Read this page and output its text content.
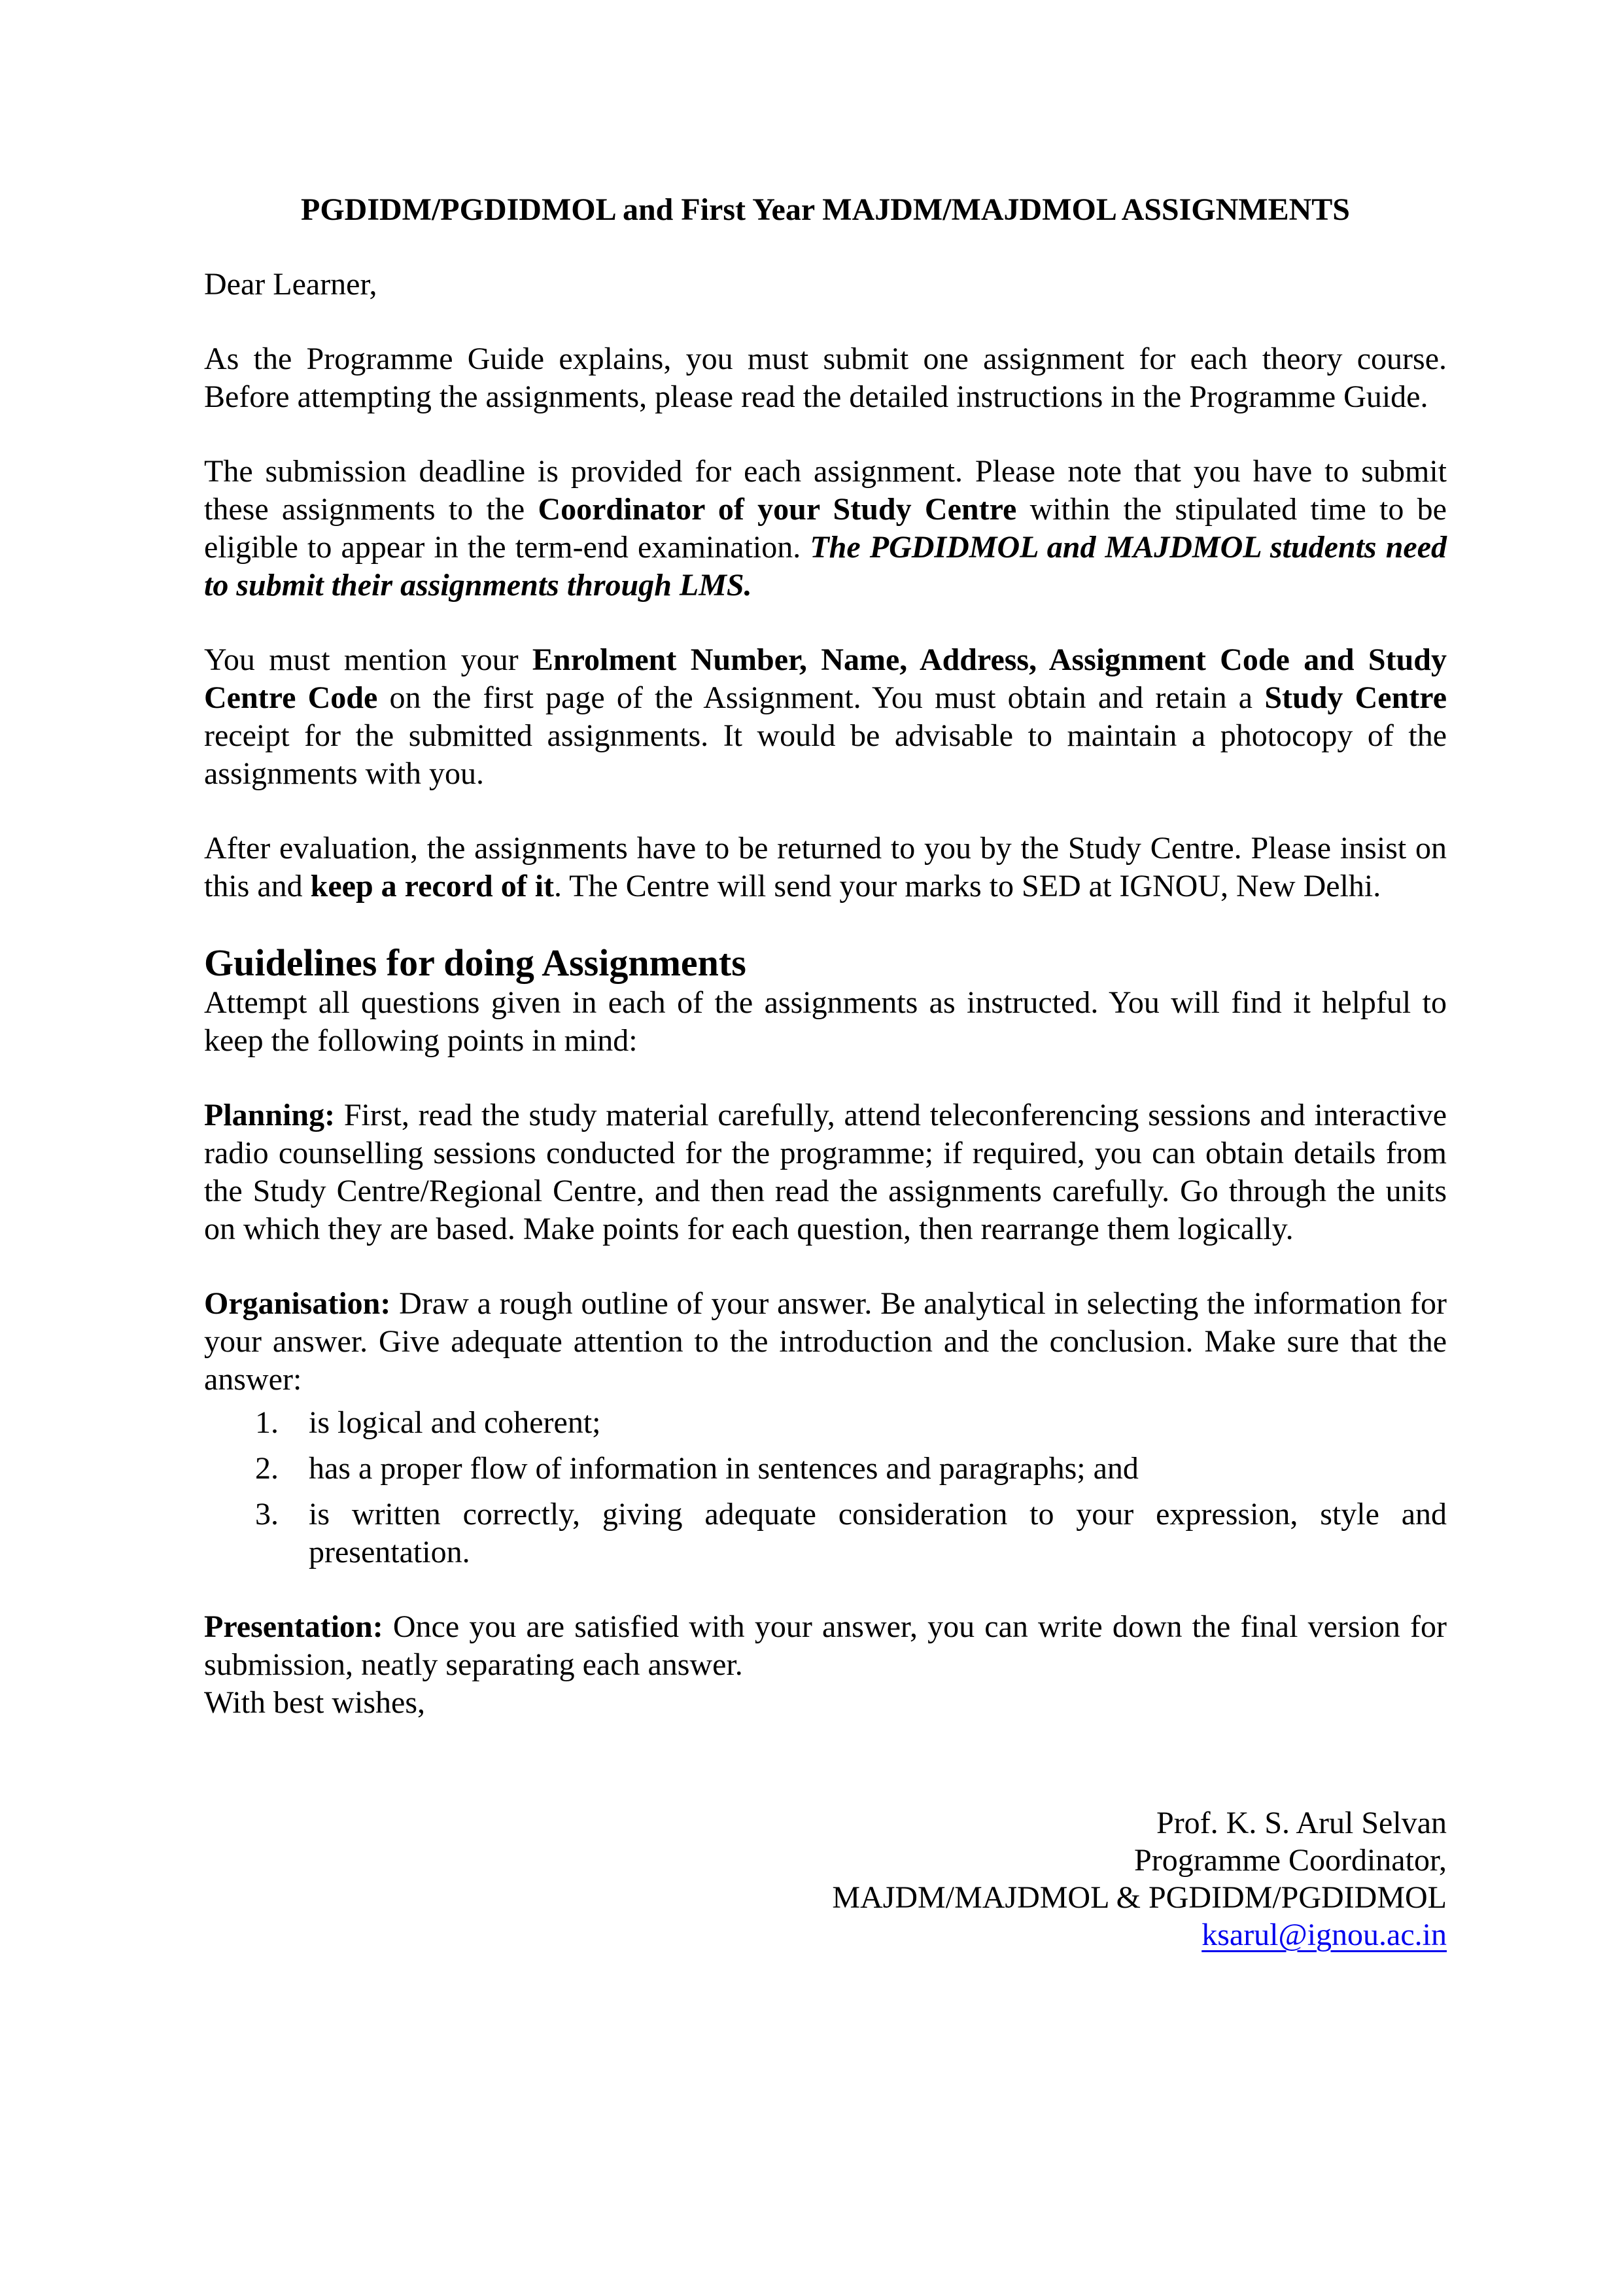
PGDIDM/PGDIDMOL and First Year MAJDM/MAJDMOL ASSIGNMENTS

Dear Learner,

As the Programme Guide explains, you must submit one assignment for each theory course. Before attempting the assignments, please read the detailed instructions in the Programme Guide.

The submission deadline is provided for each assignment. Please note that you have to submit these assignments to the Coordinator of your Study Centre within the stipulated time to be eligible to appear in the term-end examination. The PGDIDMOL and MAJDMOL students need to submit their assignments through LMS.

You must mention your Enrolment Number, Name, Address, Assignment Code and Study Centre Code on the first page of the Assignment. You must obtain and retain a Study Centre receipt for the submitted assignments. It would be advisable to maintain a photocopy of the assignments with you.

After evaluation, the assignments have to be returned to you by the Study Centre. Please insist on this and keep a record of it. The Centre will send your marks to SED at IGNOU, New Delhi.

Guidelines for doing Assignments

Attempt all questions given in each of the assignments as instructed. You will find it helpful to keep the following points in mind:

Planning: First, read the study material carefully, attend teleconferencing sessions and interactive radio counselling sessions conducted for the programme; if required, you can obtain details from the Study Centre/Regional Centre, and then read the assignments carefully. Go through the units on which they are based. Make points for each question, then rearrange them logically.

Organisation: Draw a rough outline of your answer. Be analytical in selecting the information for your answer. Give adequate attention to the introduction and the conclusion. Make sure that the answer:

is logical and coherent;
has a proper flow of information in sentences and paragraphs; and
is written correctly, giving adequate consideration to your expression, style and presentation.

Presentation: Once you are satisfied with your answer, you can write down the final version for submission, neatly separating each answer.

With best wishes,

Prof. K. S. Arul Selvan
Programme Coordinator,
MAJDM/MAJDMOL & PGDIDM/PGDIDMOL
ksarul@ignou.ac.in
